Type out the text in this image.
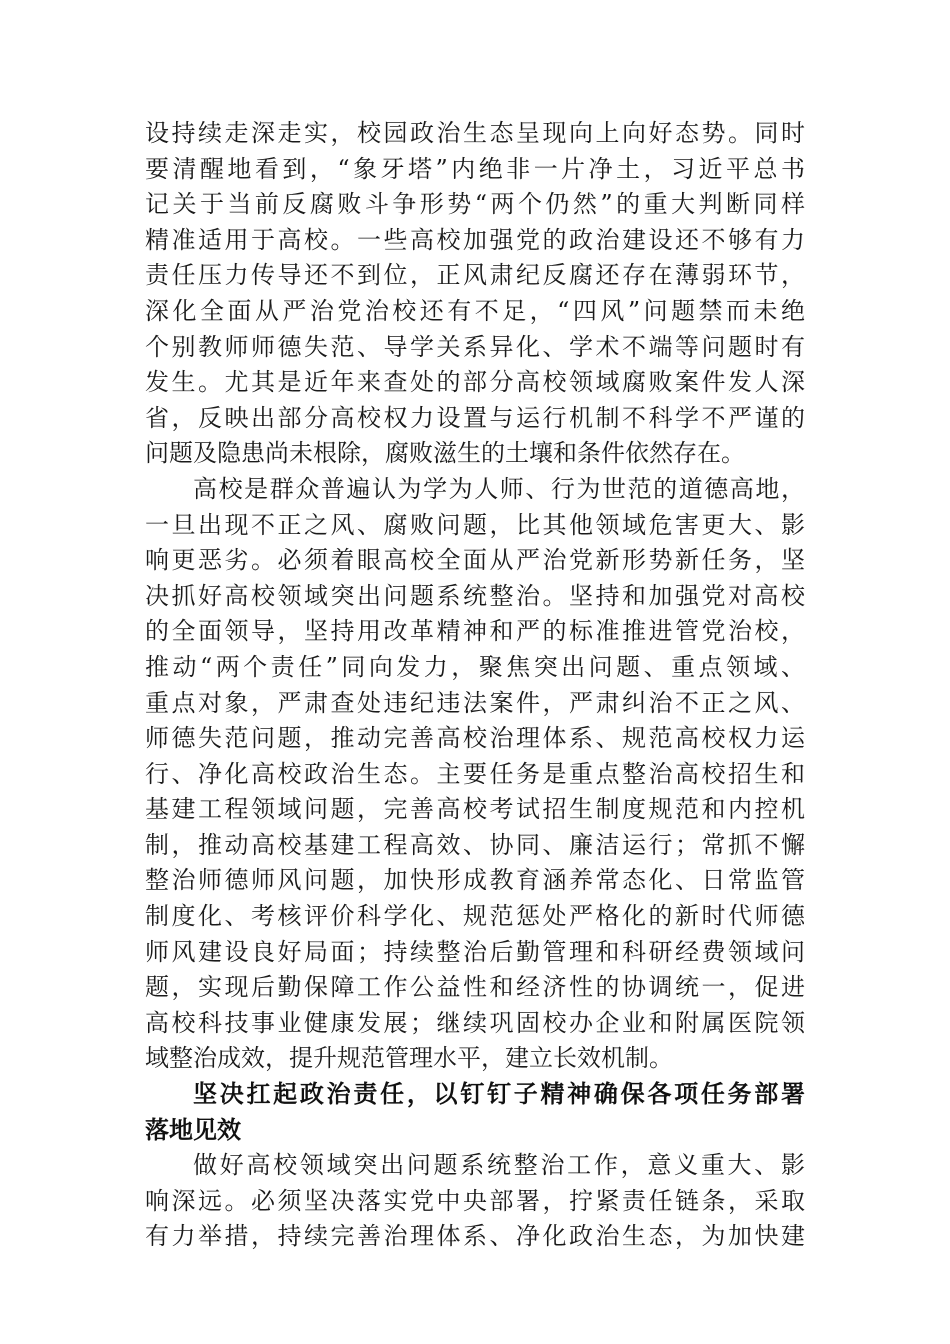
设持续走深走实，校园政治生态呈现向上向好态势。同时
要清醒地看到，“象牙塔”内绝非一片净土，习近平总书
记关于当前反腐败斗争形势“两个仍然”的重大判断同样
精准适用于高校。一些高校加强党的政治建设还不够有力
责任压力传导还不到位，正风肃纪反腐还存在薄弱环节，
深化全面从严治党治校还有不足，“四风”问题禁而未绝
个别教师师德失范、导学关系异化、学术不端等问题时有
发生。尤其是近年来查处的部分高校领域腐败案件发人深
省，反映出部分高校权力设置与运行机制不科学不严谨的
问题及隐患尚未根除，腐败滋生的土壤和条件依然存在。
高校是群众普遍认为学为人师、行为世范的道德高地，
一旦出现不正之风、腐败问题，比其他领域危害更大、影
响更恶劣。必须着眼高校全面从严治党新形势新任务，坚
决抓好高校领域突出问题系统整治。坚持和加强党对高校
的全面领导，坚持用改革精神和严的标准推进管党治校，
推动“两个责任”同向发力，聚焦突出问题、重点领域、
重点对象，严肃查处违纪违法案件，严肃纠治不正之风、
师德失范问题，推动完善高校治理体系、规范高校权力运
行、净化高校政治生态。主要任务是重点整治高校招生和
基建工程领域问题，完善高校考试招生制度规范和内控机
制，推动高校基建工程高效、协同、廉洁运行；常抓不懈
整治师德师风问题，加快形成教育涵养常态化、日常监管
制度化、考核评价科学化、规范惩处严格化的新时代师德
师风建设良好局面；持续整治后勤管理和科研经费领域问
题，实现后勤保障工作公益性和经济性的协调统一，促进
高校科技事业健康发展；继续巩固校办企业和附属医院领
域整治成效，提升规范管理水平，建立长效机制。
坚决扛起政治责任，以钉钉子精神确保各项任务部署
落地见效
做好高校领域突出问题系统整治工作，意义重大、影
响深远。必须坚决落实党中央部署，拧紧责任链条，采取
有力举措，持续完善治理体系、净化政治生态，为加快建
